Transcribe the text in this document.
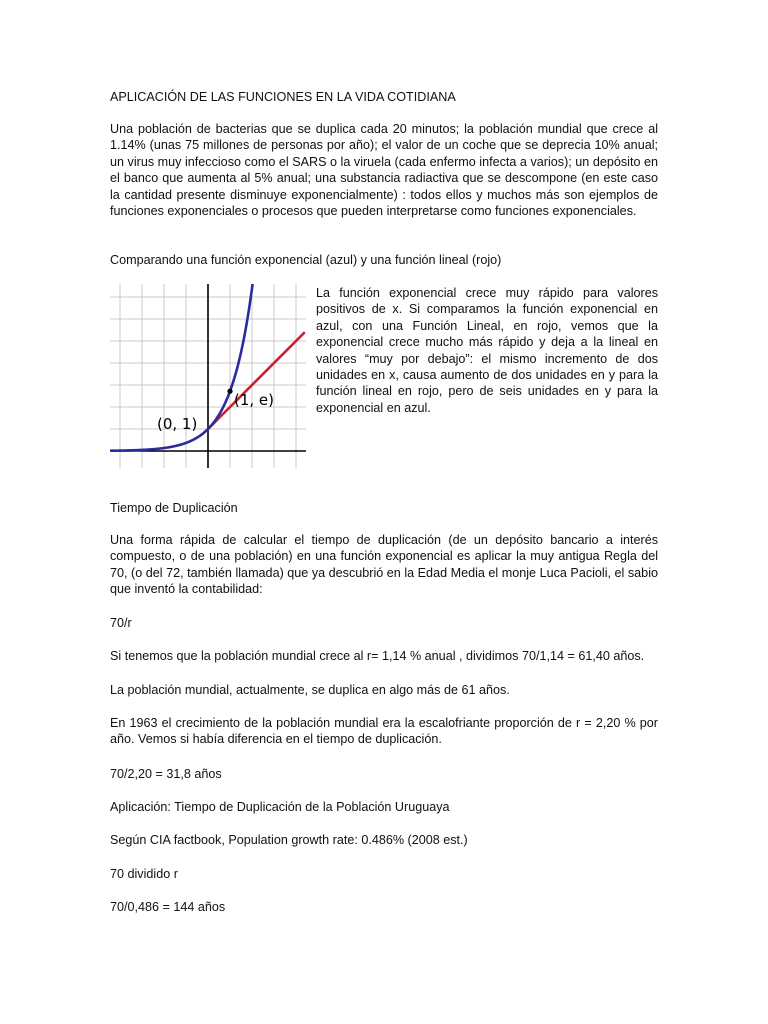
APLICACIÓN DE LAS FUNCIONES EN LA VIDA COTIDIANA

Una población de bacterias que se duplica cada 20 minutos; la población mundial que crece al 1.14% (unas 75 millones de personas por año); el valor de un coche que se deprecia 10% anual; un virus muy infeccioso como el SARS o la viruela (cada enfermo infecta a varios); un depósito en el banco que aumenta al 5% anual; una substancia radiactiva que se descompone (en este caso la cantidad presente disminuye exponencialmente) : todos ellos y muchos más son ejemplos de funciones exponenciales o procesos que pueden interpretarse como funciones exponenciales.

Comparando una función exponencial (azul) y una función lineal (rojo)

(1, e)
(0, 1)

La función exponencial crece muy rápido para valores positivos de x. Si comparamos la función exponencial en azul, con una Función Lineal, en rojo, vemos que la exponencial crece mucho más rápido y deja a la lineal en valores “muy por debajo”: el mismo incremento de dos unidades en x, causa aumento de dos unidades en y para la función lineal en rojo, pero de seis unidades en y para la exponencial en azul.

Tiempo de Duplicación

Una forma rápida de calcular el tiempo de duplicación (de un depósito bancario a interés compuesto, o de una población) en una función exponencial es aplicar la muy antigua Regla del 70, (o del 72, también llamada) que ya descubrió en la Edad Media el monje Luca Pacioli, el sabio que inventó la contabilidad:

70/r

Si tenemos que la población mundial crece al r= 1,14 % anual , dividimos 70/1,14 = 61,40 años.

La población mundial, actualmente, se duplica en algo más de 61 años.

En 1963 el crecimiento de la población mundial era la escalofriante proporción de r = 2,20 % por año. Vemos si había diferencia en el tiempo de duplicación.

70/2,20 = 31,8 años

Aplicación: Tiempo de Duplicación de la Población Uruguaya

Según CIA factbook, Population growth rate: 0.486% (2008 est.)

70 dividido r

70/0,486 = 144 años
